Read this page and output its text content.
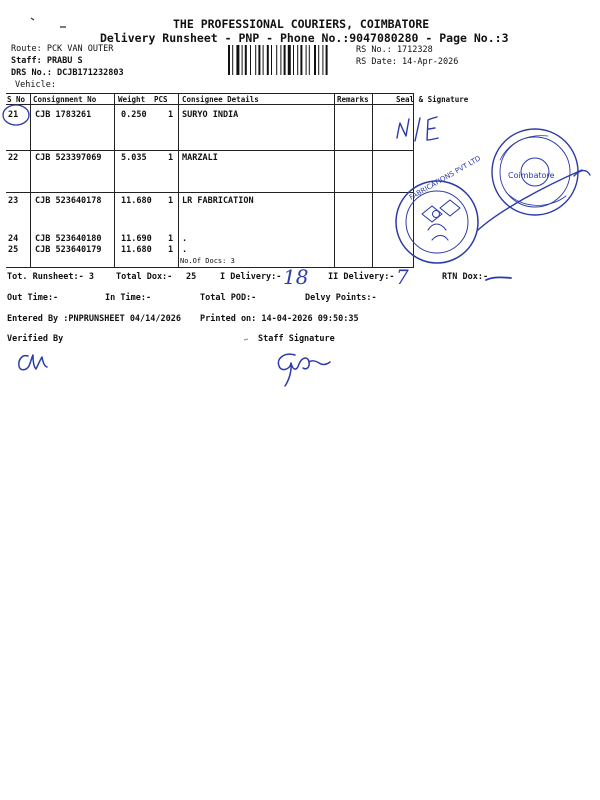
THE PROFESSIONAL COURIERS, COIMBATORE
Delivery Runsheet - PNP - Phone No.:9047080280 - Page No.:3
Route: PCK VAN OUTER
Staff: PRABU S
DRS No.: DCJB171232803
Vehicle:
RS No.: 1712328
RS Date: 14-Apr-2026
S No Consignment No	Weight PCS Consignee Details	Remarks	Seal & Signature
21 CJB 1783261	0.250	1 SURYO INDIA
22 CJB 523397069 5.035	1 MARZALI
23 CJB 523640178 11.680 1 LR FABRICATION
24 CJB 523640180 11.690 1 .
25 CJB 523640179 11.680 1 .
No.Of Docs: 3
Tot. Runsheet:- 3	Total Dox:- 25	I Delivery:- 18 II Delivery:- 7	RTN Dox:-
Out Time:-	In Time:-	Total POD:-	Delvy Points:-
Entered By :PNPRUNSHEET 04/14/2026 Printed on: 14-04-2026 09:50:35
Verified By	Staff Signature
Coimbatore
FABRICATIONS PVT LTD
